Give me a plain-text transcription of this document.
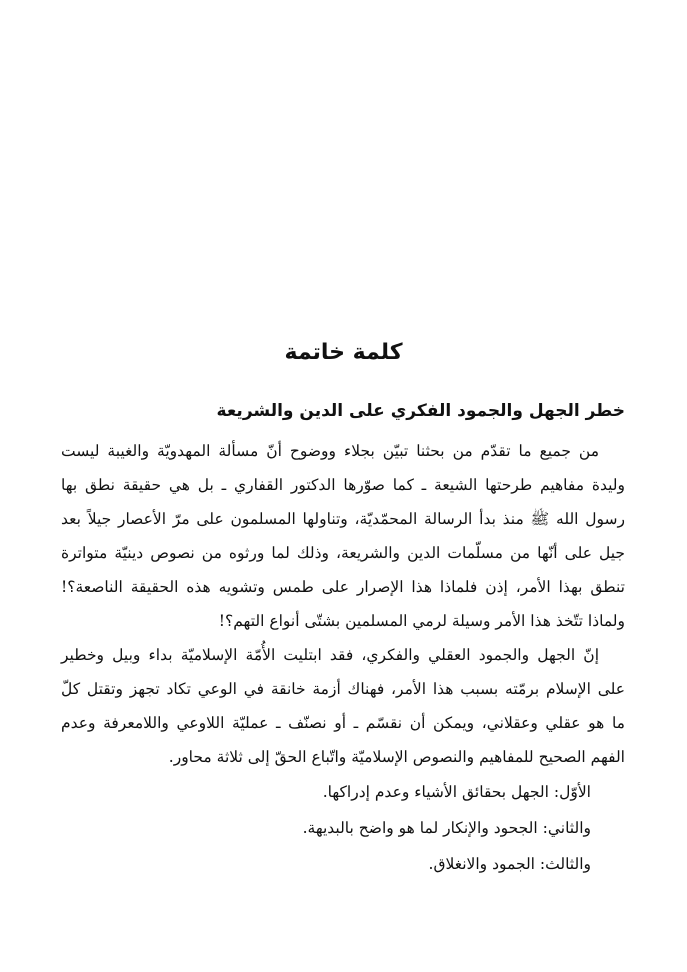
كلمة خاتمة
خطر الجهل والجمود الفكري على الدين والشريعة
من جميع ما تقدّم من بحثنا تبيّن بجلاء ووضوح أنّ مسألة المهدويّة والغيبة ليست
وليدة مفاهيم طرحتها الشيعة ـ كما صوّرها الدكتور القفاري ـ بل هي حقيقة نطق بها
رسول الله ﷺ منذ بدأ الرسالة المحمّديّة، وتناولها المسلمون على مرّ الأعصار جيلاً بعد
جيل على أنّها من مسلّمات الدين والشريعة، وذلك لما ورثوه من نصوص دينيّة متواترة
تنطق بهذا الأمر، إذن فلماذا هذا الإصرار على طمس وتشويه هذه الحقيقة الناصعة؟!
ولماذا تتّخذ هذا الأمر وسيلة لرمي المسلمين بشتّى أنواع التهم؟!
إنّ الجهل والجمود العقلي والفكري، فقد ابتليت الأُمّة الإسلاميّة بداء وبيل وخطير
على الإسلام برمّته بسبب هذا الأمر، فهناك أزمة خانقة في الوعي تكاد تجهز وتقتل كلّ
ما هو عقلي وعقلاني، ويمكن أن نقسّم ـ أو نصنّف ـ عمليّة اللاوعي واللامعرفة وعدم
الفهم الصحيح للمفاهيم والنصوص الإسلاميّة واتّباع الحقّ إلى ثلاثة محاور.
الأوّل: الجهل بحقائق الأشياء وعدم إدراكها.
والثاني: الجحود والإنكار لما هو واضح بالبديهة.
والثالث: الجمود والانغلاق.
